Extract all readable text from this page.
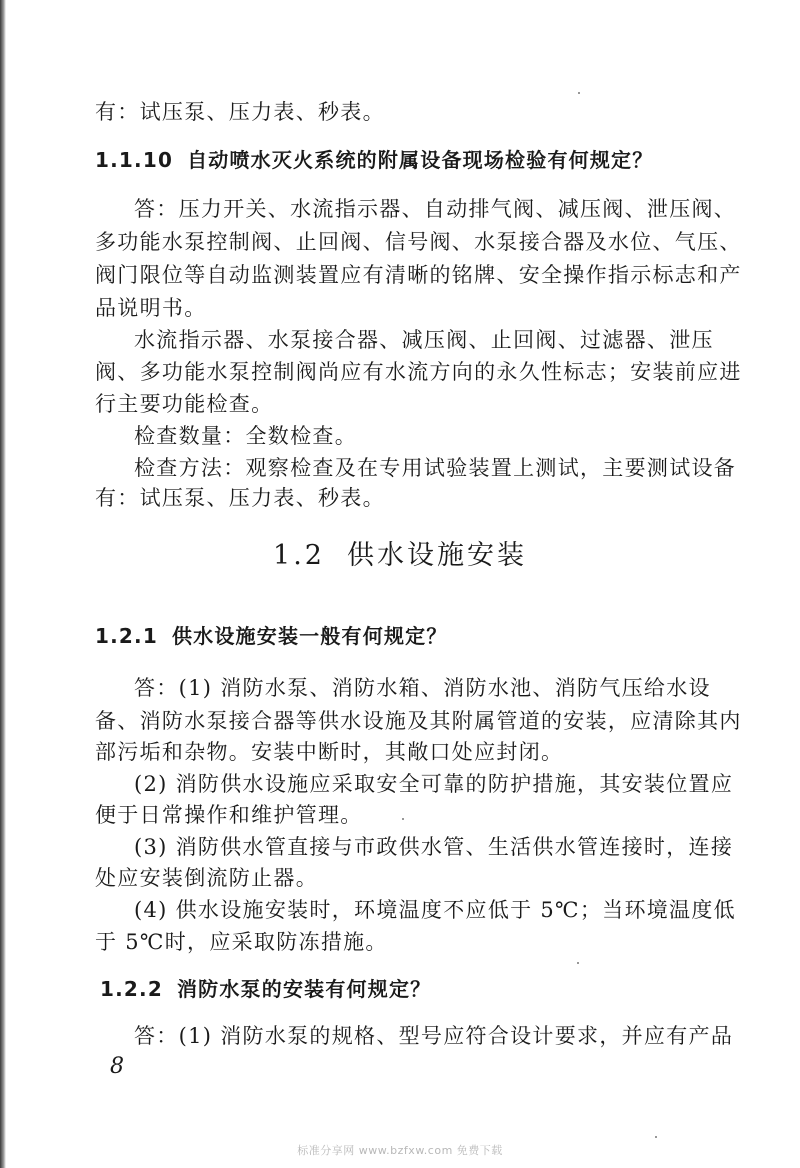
有：试压泵、压力表、秒表。
1.1.10 自动喷水灭火系统的附属设备现场检验有何规定？
答：压力开关、水流指示器、自动排气阀、减压阀、泄压阀、
多功能水泵控制阀、止回阀、信号阀、水泵接合器及水位、气压、
阀门限位等自动监测装置应有清晰的铭牌、安全操作指示标志和产
品说明书。
水流指示器、水泵接合器、减压阀、止回阀、过滤器、泄压
阀、多功能水泵控制阀尚应有水流方向的永久性标志；安装前应进
行主要功能检查。
检查数量：全数检查。
检查方法：观察检查及在专用试验装置上测试，主要测试设备
有：试压泵、压力表、秒表。
1.2 供水设施安装
1.2.1 供水设施安装一般有何规定？
答：(1) 消防水泵、消防水箱、消防水池、消防气压给水设
备、消防水泵接合器等供水设施及其附属管道的安装，应清除其内
部污垢和杂物。安装中断时，其敞口处应封闭。
(2) 消防供水设施应采取安全可靠的防护措施，其安装位置应
便于日常操作和维护管理。
(3) 消防供水管直接与市政供水管、生活供水管连接时，连接
处应安装倒流防止器。
(4) 供水设施安装时，环境温度不应低于 5℃；当环境温度低
于 5℃时，应采取防冻措施。
1.2.2 消防水泵的安装有何规定？
答：(1) 消防水泵的规格、型号应符合设计要求，并应有产品
8
标准分享网 www.bzfxw.com 免费下载
